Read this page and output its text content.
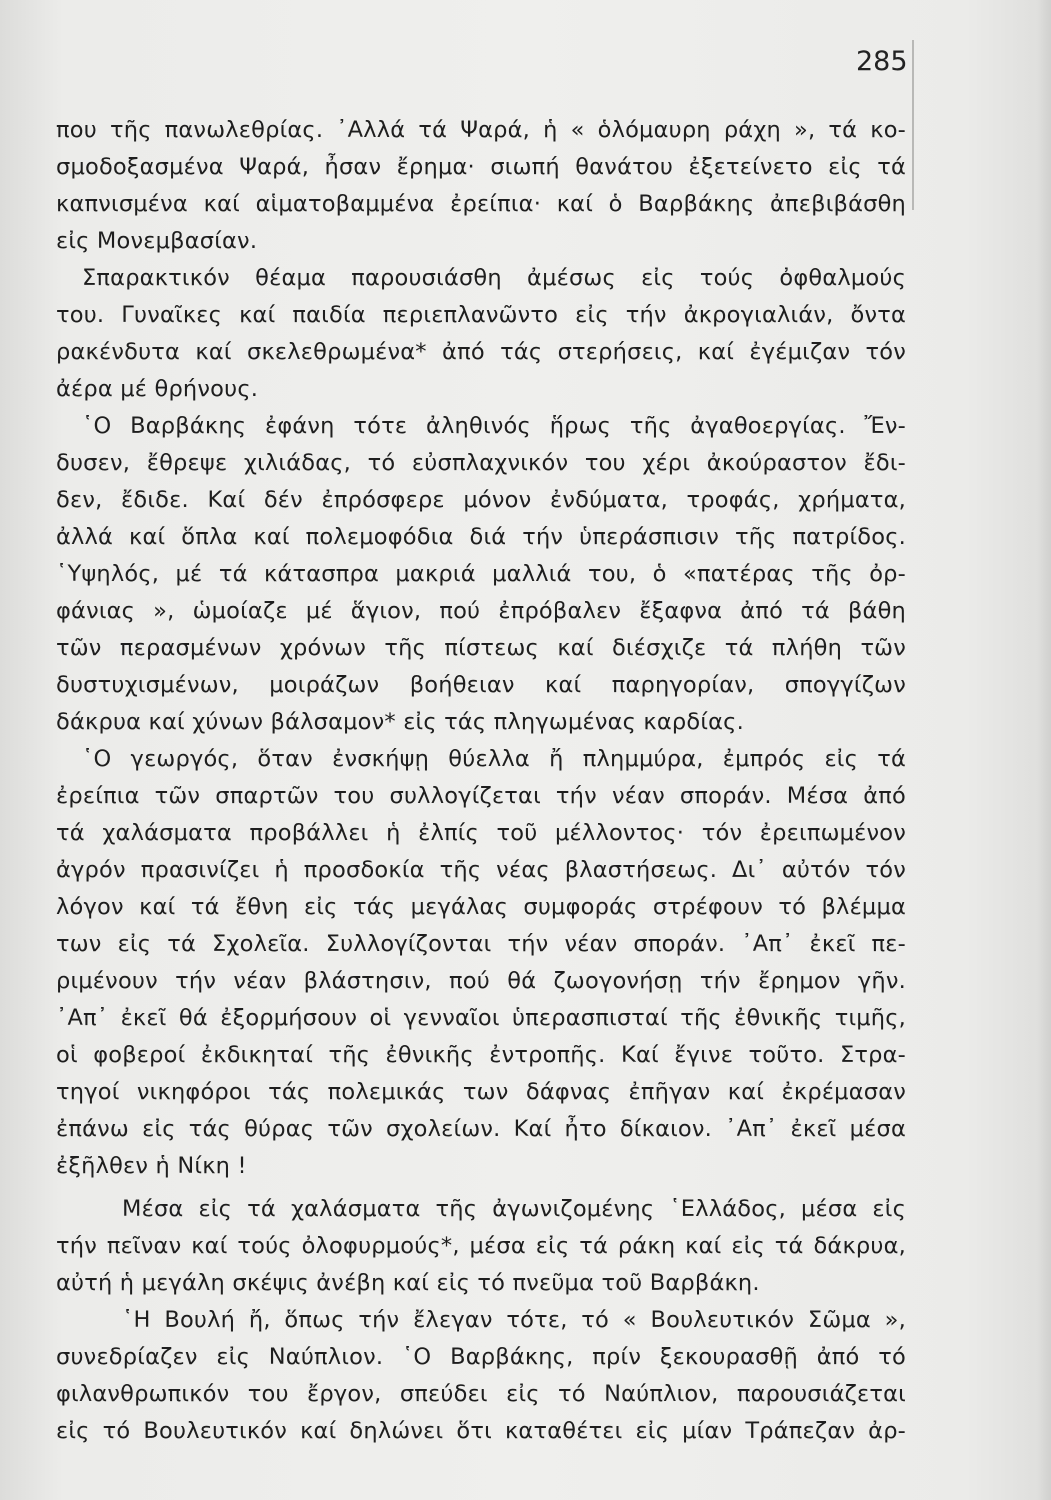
285
που τῆς πανωλεθρίας. ᾿Αλλά τά Ψαρά, ἡ « ὁλόμαυρη ράχη », τά κο-
σμοδοξασμένα Ψαρά, ἦσαν ἔρημα· σιωπή θανάτου ἐξετείνετο εἰς τά
καπνισμένα καί αἱματοβαμμένα ἐρείπια· καί ὁ Βαρβάκης ἀπεβιβάσθη
εἰς Μονεμβασίαν.
Σπαρακτικόν θέαμα παρουσιάσθη ἀμέσως εἰς τούς ὀφθαλμούς
του. Γυναῖκες καί παιδία περιεπλανῶντο εἰς τήν ἀκρογιαλιάν, ὄντα
ρακένδυτα καί σκελεθρωμένα* ἀπό τάς στερήσεις, καί ἐγέμιζαν τόν
ἀέρα μέ θρήνους.
῾Ο Βαρβάκης ἐφάνη τότε ἀληθινός ἥρως τῆς ἀγαθοεργίας. Ἔν-
δυσεν, ἔθρεψε χιλιάδας, τό εὐσπλαχνικόν του χέρι ἀκούραστον ἔδι-
δεν, ἔδιδε. Καί δέν ἐπρόσφερε μόνον ἐνδύματα, τροφάς, χρήματα,
ἀλλά καί ὅπλα καί πολεμοφόδια διά τήν ὑπεράσπισιν τῆς πατρίδος.
῾Υψηλός, μέ τά κάτασπρα μακριά μαλλιά του, ὁ «πατέρας τῆς ὀρ-
φάνιας », ὡμοίαζε μέ ἅγιον, πού ἐπρόβαλεν ἔξαφνα ἀπό τά βάθη
τῶν περασμένων χρόνων τῆς πίστεως καί διέσχιζε τά πλήθη τῶν
δυστυχισμένων, μοιράζων βοήθειαν καί παρηγορίαν, σπογγίζων
δάκρυα καί χύνων βάλσαμον* εἰς τάς πληγωμένας καρδίας.
῾Ο γεωργός, ὅταν ἐνσκήψῃ θύελλα ἤ πλημμύρα, ἐμπρός εἰς τά
ἐρείπια τῶν σπαρτῶν του συλλογίζεται τήν νέαν σποράν. Μέσα ἀπό
τά χαλάσματα προβάλλει ἡ ἐλπίς τοῦ μέλλοντος· τόν ἐρειπωμένον
ἀγρόν πρασινίζει ἡ προσδοκία τῆς νέας βλαστήσεως. Δι᾿ αὐτόν τόν
λόγον καί τά ἔθνη εἰς τάς μεγάλας συμφοράς στρέφουν τό βλέμμα
των εἰς τά Σχολεῖα. Συλλογίζονται τήν νέαν σποράν. ᾿Απ᾿ ἐκεῖ πε-
ριμένουν τήν νέαν βλάστησιν, πού θά ζωογονήσῃ τήν ἔρημον γῆν.
᾿Απ᾿ ἐκεῖ θά ἐξορμήσουν οἱ γενναῖοι ὑπερασπισταί τῆς ἐθνικῆς τιμῆς,
οἱ φοβεροί ἐκδικηταί τῆς ἐθνικῆς ἐντροπῆς. Καί ἔγινε τοῦτο. Στρα-
τηγοί νικηφόροι τάς πολεμικάς των δάφνας ἐπῆγαν καί ἐκρέμασαν
ἐπάνω εἰς τάς θύρας τῶν σχολείων. Καί ἦτο δίκαιον. ᾿Απ᾿ ἐκεῖ μέσα
ἐξῆλθεν ἡ Νίκη !
Μέσα εἰς τά χαλάσματα τῆς ἀγωνιζομένης ῾Ελλάδος, μέσα εἰς
τήν πεῖναν καί τούς ὀλοφυρμούς*, μέσα εἰς τά ράκη καί εἰς τά δάκρυα,
αὐτή ἡ μεγάλη σκέψις ἀνέβη καί εἰς τό πνεῦμα τοῦ Βαρβάκη.
῾Η Βουλή ἤ, ὅπως τήν ἔλεγαν τότε, τό « Βουλευτικόν Σῶμα »,
συνεδρίαζεν εἰς Ναύπλιον. ῾Ο Βαρβάκης, πρίν ξεκουρασθῇ ἀπό τό
φιλανθρωπικόν του ἔργον, σπεύδει εἰς τό Ναύπλιον, παρουσιάζεται
εἰς τό Βουλευτικόν καί δηλώνει ὅτι καταθέτει εἰς μίαν Τράπεζαν ἀρ-
